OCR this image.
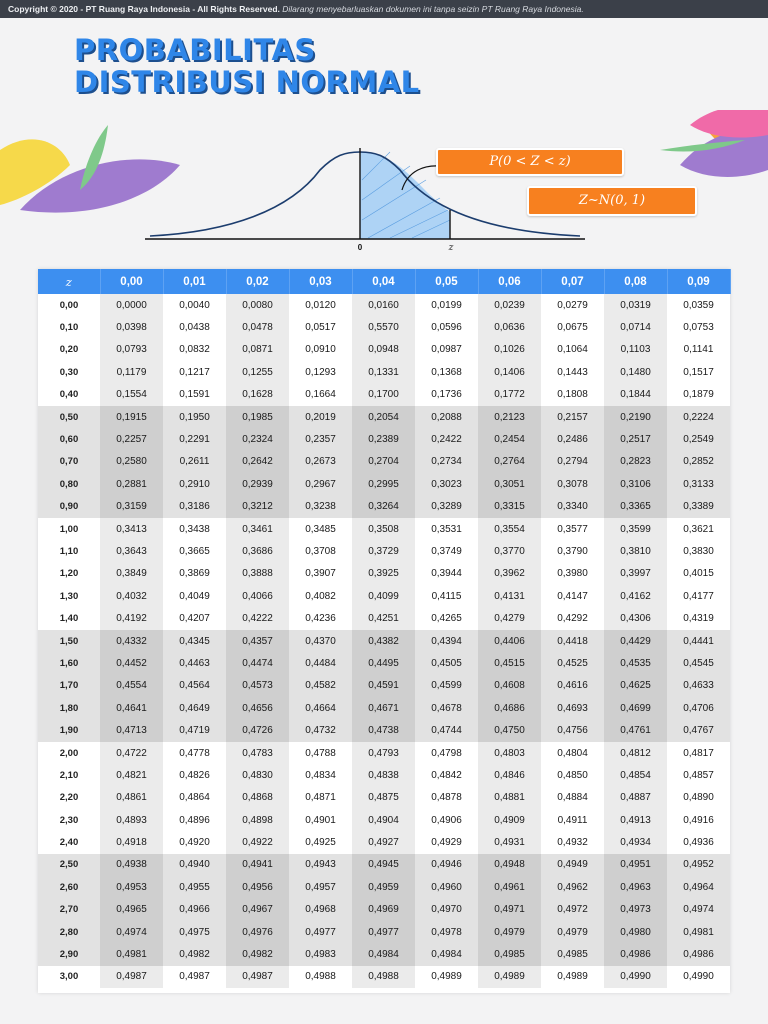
Copyright © 2020 - PT Ruang Raya Indonesia - All Rights Reserved. Dilarang menyebarluaskan dokumen ini tanpa seizin PT Ruang Raya Indonesia.
PROBABILITAS
DISTRIBUSI NORMAL
0	z
P(0 < Z < z)
Z~N(0, 1)
z	0,00	0,01	0,02	0,03	0,04	0,05	0,06	0,07	0,08	0,09
0,00	0,0000	0,0040	0,0080	0,0120	0,0160	0,0199	0,0239	0,0279	0,0319	0,0359
0,10	0,0398	0,0438	0,0478	0,0517	0,5570	0,0596	0,0636	0,0675	0,0714	0,0753
0,20	0,0793	0,0832	0,0871	0,0910	0,0948	0,0987	0,1026	0,1064	0,1103	0,1141
0,30	0,1179	0,1217	0,1255	0,1293	0,1331	0,1368	0,1406	0,1443	0,1480	0,1517
0,40	0,1554	0,1591	0,1628	0,1664	0,1700	0,1736	0,1772	0,1808	0,1844	0,1879
0,50	0,1915	0,1950	0,1985	0,2019	0,2054	0,2088	0,2123	0,2157	0,2190	0,2224
0,60	0,2257	0,2291	0,2324	0,2357	0,2389	0,2422	0,2454	0,2486	0,2517	0,2549
0,70	0,2580	0,2611	0,2642	0,2673	0,2704	0,2734	0,2764	0,2794	0,2823	0,2852
0,80	0,2881	0,2910	0,2939	0,2967	0,2995	0,3023	0,3051	0,3078	0,3106	0,3133
0,90	0,3159	0,3186	0,3212	0,3238	0,3264	0,3289	0,3315	0,3340	0,3365	0,3389
1,00	0,3413	0,3438	0,3461	0,3485	0,3508	0,3531	0,3554	0,3577	0,3599	0,3621
1,10	0,3643	0,3665	0,3686	0,3708	0,3729	0,3749	0,3770	0,3790	0,3810	0,3830
1,20	0,3849	0,3869	0,3888	0,3907	0,3925	0,3944	0,3962	0,3980	0,3997	0,4015
1,30	0,4032	0,4049	0,4066	0,4082	0,4099	0,4115	0,4131	0,4147	0,4162	0,4177
1,40	0,4192	0,4207	0,4222	0,4236	0,4251	0,4265	0,4279	0,4292	0,4306	0,4319
1,50	0,4332	0,4345	0,4357	0,4370	0,4382	0,4394	0,4406	0,4418	0,4429	0,4441
1,60	0,4452	0,4463	0,4474	0,4484	0,4495	0,4505	0,4515	0,4525	0,4535	0,4545
1,70	0,4554	0,4564	0,4573	0,4582	0,4591	0,4599	0,4608	0,4616	0,4625	0,4633
1,80	0,4641	0,4649	0,4656	0,4664	0,4671	0,4678	0,4686	0,4693	0,4699	0,4706
1,90	0,4713	0,4719	0,4726	0,4732	0,4738	0,4744	0,4750	0,4756	0,4761	0,4767
2,00	0,4722	0,4778	0,4783	0,4788	0,4793	0,4798	0,4803	0,4804	0,4812	0,4817
2,10	0,4821	0,4826	0,4830	0,4834	0,4838	0,4842	0,4846	0,4850	0,4854	0,4857
2,20	0,4861	0,4864	0,4868	0,4871	0,4875	0,4878	0,4881	0,4884	0,4887	0,4890
2,30	0,4893	0,4896	0,4898	0,4901	0,4904	0,4906	0,4909	0,4911	0,4913	0,4916
2,40	0,4918	0,4920	0,4922	0,4925	0,4927	0,4929	0,4931	0,4932	0,4934	0,4936
2,50	0,4938	0,4940	0,4941	0,4943	0,4945	0,4946	0,4948	0,4949	0,4951	0,4952
2,60	0,4953	0,4955	0,4956	0,4957	0,4959	0,4960	0,4961	0,4962	0,4963	0,4964
2,70	0,4965	0,4966	0,4967	0,4968	0,4969	0,4970	0,4971	0,4972	0,4973	0,4974
2,80	0,4974	0,4975	0,4976	0,4977	0,4977	0,4978	0,4979	0,4979	0,4980	0,4981
2,90	0,4981	0,4982	0,4982	0,4983	0,4984	0,4984	0,4985	0,4985	0,4986	0,4986
3,00	0,4987	0,4987	0,4987	0,4988	0,4988	0,4989	0,4989	0,4989	0,4990	0,4990
